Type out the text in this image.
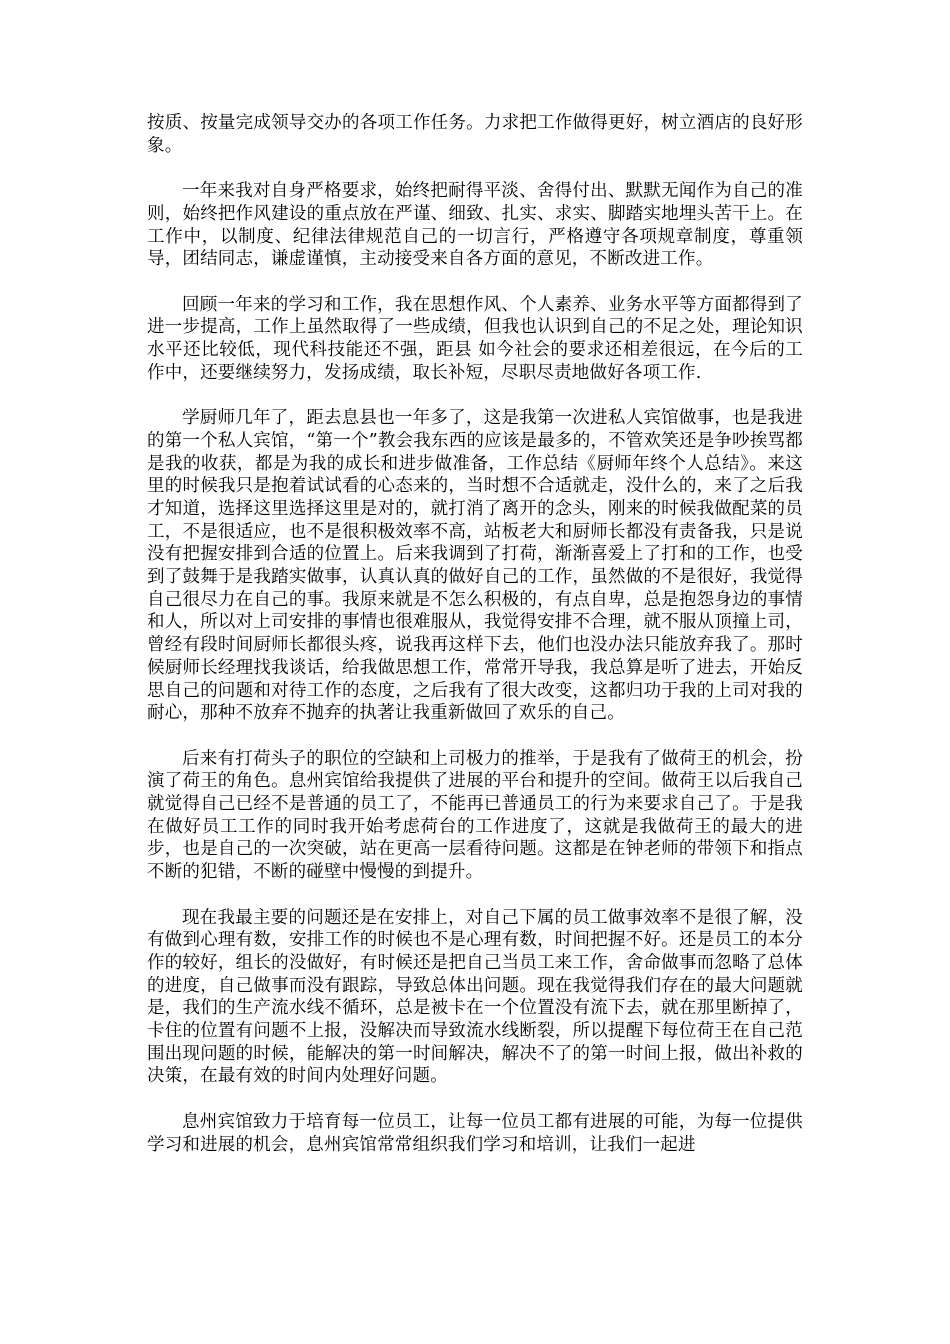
按质、按量完成领导交办的各项工作任务。力求把工作做得更好，树立酒店的良好形象。

一年来我对自身严格要求，始终把耐得平淡、舍得付出、默默无闻作为自己的准则，始终把作风建设的重点放在严谨、细致、扎实、求实、脚踏实地埋头苦干上。在工作中，以制度、纪律法律规范自己的一切言行，严格遵守各项规章制度，尊重领导，团结同志，谦虚谨慎，主动接受来自各方面的意见，不断改进工作。

回顾一年来的学习和工作，我在思想作风、个人素养、业务水平等方面都得到了进一步提高，工作上虽然取得了一些成绩，但我也认识到自己的不足之处，理论知识水平还比较低，现代科技能还不强，距县 如今社会的要求还相差很远，在今后的工作中，还要继续努力，发扬成绩，取长补短，尽职尽责地做好各项工作.

学厨师几年了，距去息县也一年多了，这是我第一次进私人宾馆做事，也是我进的第一个私人宾馆，“第一个”教会我东西的应该是最多的，不管欢笑还是争吵挨骂都是我的收获，都是为我的成长和进步做准备，工作总结《厨师年终个人总结》。来这里的时候我只是抱着试试看的心态来的，当时想不合适就走，没什么的，来了之后我才知道，选择这里选择这里是对的，就打消了离开的念头，刚来的时候我做配菜的员工，不是很适应，也不是很积极效率不高，站板老大和厨师长都没有责备我，只是说没有把握安排到合适的位置上。后来我调到了打荷，渐渐喜爱上了打和的工作，也受到了鼓舞于是我踏实做事，认真认真的做好自己的工作，虽然做的不是很好，我觉得自己很尽力在自己的事。我原来就是不怎么积极的，有点自卑，总是抱怨身边的事情和人，所以对上司安排的事情也很难服从，我觉得安排不合理，就不服从顶撞上司，曾经有段时间厨师长都很头疼，说我再这样下去，他们也没办法只能放弃我了。那时候厨师长经理找我谈话，给我做思想工作，常常开导我，我总算是听了进去，开始反思自己的问题和对待工作的态度，之后我有了很大改变，这都归功于我的上司对我的耐心，那种不放弃不抛弃的执著让我重新做回了欢乐的自己。

后来有打荷头子的职位的空缺和上司极力的推举，于是我有了做荷王的机会，扮演了荷王的角色。息州宾馆给我提供了进展的平台和提升的空间。做荷王以后我自己就觉得自己已经不是普通的员工了，不能再已普通员工的行为来要求自己了。于是我在做好员工工作的同时我开始考虑荷台的工作进度了，这就是我做荷王的最大的进步，也是自己的一次突破，站在更高一层看待问题。这都是在钟老师的带领下和指点不断的犯错，不断的碰壁中慢慢的到提升。

现在我最主要的问题还是在安排上，对自己下属的员工做事效率不是很了解，没有做到心理有数，安排工作的时候也不是心理有数，时间把握不好。还是员工的本分作的较好，组长的没做好，有时候还是把自己当员工来工作，舍命做事而忽略了总体的进度，自己做事而没有跟踪，导致总体出问题。现在我觉得我们存在的最大问题就是，我们的生产流水线不循环，总是被卡在一个位置没有流下去，就在那里断掉了，卡住的位置有问题不上报，没解决而导致流水线断裂，所以提醒下每位荷王在自己范围出现问题的时候，能解决的第一时间解决，解决不了的第一时间上报，做出补救的决策，在最有效的时间内处理好问题。

息州宾馆致力于培育每一位员工，让每一位员工都有进展的可能，为每一位提供学习和进展的机会，息州宾馆常常组织我们学习和培训，让我们一起进
